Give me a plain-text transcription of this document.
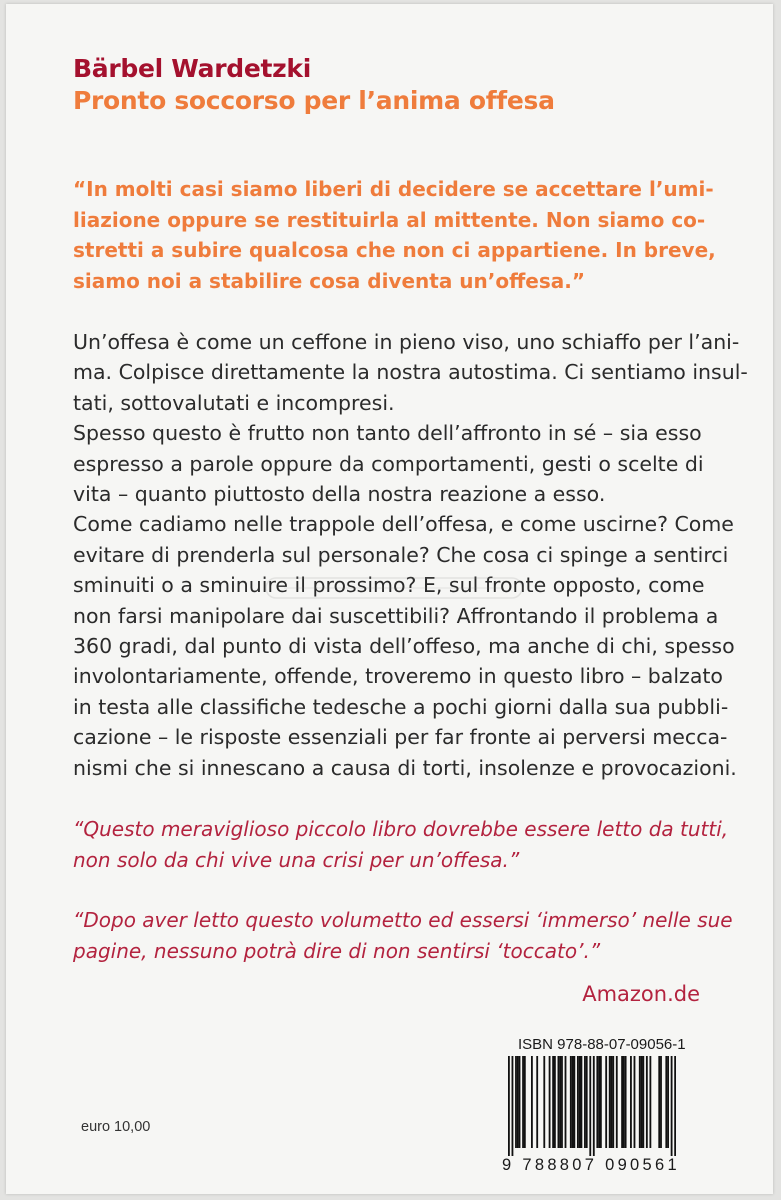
Bärbel Wardetzki
Pronto soccorso per l’anima offesa
“In molti casi siamo liberi di decidere se accettare l’umi-
liazione oppure se restituirla al mittente. Non siamo co-
stretti a subire qualcosa che non ci appartiene. In breve,
siamo noi a stabilire cosa diventa un’offesa.”
Un’offesa è come un ceffone in pieno viso, uno schiaffo per l’ani-
ma. Colpisce direttamente la nostra autostima. Ci sentiamo insul-
tati, sottovalutati e incompresi.
Spesso questo è frutto non tanto dell’affronto in sé – sia esso
espresso a parole oppure da comportamenti, gesti o scelte di
vita – quanto piuttosto della nostra reazione a esso.
Come cadiamo nelle trappole dell’offesa, e come uscirne? Come
evitare di prenderla sul personale? Che cosa ci spinge a sentirci
sminuiti o a sminuire il prossimo? E, sul fronte opposto, come
non farsi manipolare dai suscettibili? Affrontando il problema a
360 gradi, dal punto di vista dell’offeso, ma anche di chi, spesso
involontariamente, offende, troveremo in questo libro – balzato
in testa alle classifiche tedesche a pochi giorni dalla sua pubbli-
cazione – le risposte essenziali per far fronte ai perversi mecca-
nismi che si innescano a causa di torti, insolenze e provocazioni.
“Questo meraviglioso piccolo libro dovrebbe essere letto da tutti,
non solo da chi vive una crisi per un’offesa.”
“Dopo aver letto questo volumetto ed essersi ‘immerso’ nelle sue
pagine, nessuno potrà dire di non sentirsi ‘toccato’.”
Amazon.de
ISBN 978-88-07-09056-1
9 788807 090561
euro 10,00
